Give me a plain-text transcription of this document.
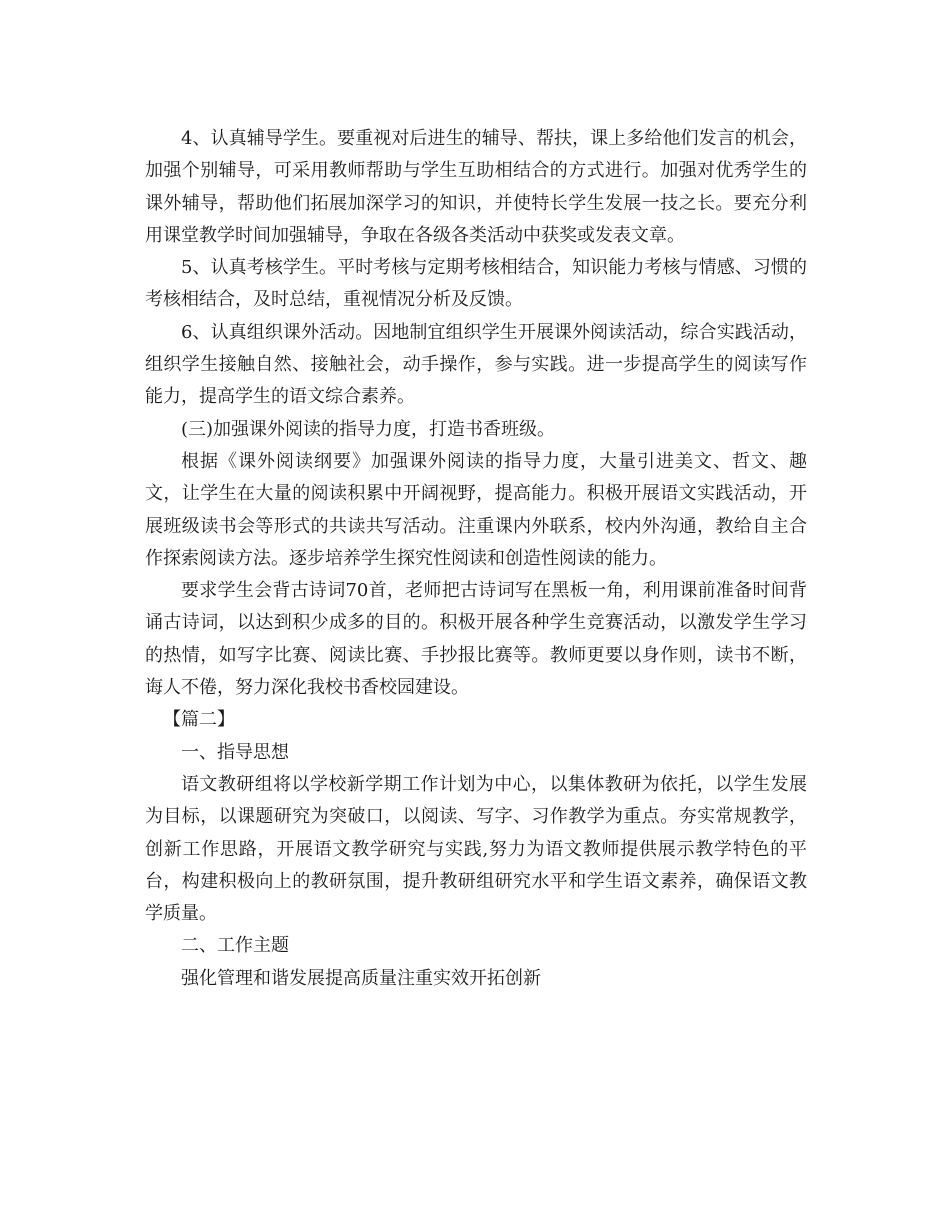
4、认真辅导学生。要重视对后进生的辅导、帮扶，课上多给他们发言的机会，加强个别辅导，可采用教师帮助与学生互助相结合的方式进行。加强对优秀学生的课外辅导，帮助他们拓展加深学习的知识，并使特长学生发展一技之长。要充分利用课堂教学时间加强辅导，争取在各级各类活动中获奖或发表文章。

5、认真考核学生。平时考核与定期考核相结合，知识能力考核与情感、习惯的考核相结合，及时总结，重视情况分析及反馈。

6、认真组织课外活动。因地制宜组织学生开展课外阅读活动，综合实践活动，组织学生接触自然、接触社会，动手操作，参与实践。进一步提高学生的阅读写作能力，提高学生的语文综合素养。

(三)加强课外阅读的指导力度，打造书香班级。

根据《课外阅读纲要》加强课外阅读的指导力度，大量引进美文、哲文、趣文，让学生在大量的阅读积累中开阔视野，提高能力。积极开展语文实践活动，开展班级读书会等形式的共读共写活动。注重课内外联系，校内外沟通，教给自主合作探索阅读方法。逐步培养学生探究性阅读和创造性阅读的能力。

要求学生会背古诗词70首，老师把古诗词写在黑板一角，利用课前准备时间背诵古诗词，以达到积少成多的目的。积极开展各种学生竞赛活动，以激发学生学习的热情，如写字比赛、阅读比赛、手抄报比赛等。教师更要以身作则，读书不断，诲人不倦，努力深化我校书香校园建设。

【篇二】

一、指导思想

语文教研组将以学校新学期工作计划为中心，以集体教研为依托，以学生发展为目标，以课题研究为突破口，以阅读、写字、习作教学为重点。夯实常规教学，创新工作思路，开展语文教学研究与实践,努力为语文教师提供展示教学特色的平台，构建积极向上的教研氛围，提升教研组研究水平和学生语文素养，确保语文教学质量。

二、工作主题

强化管理和谐发展提高质量注重实效开拓创新
